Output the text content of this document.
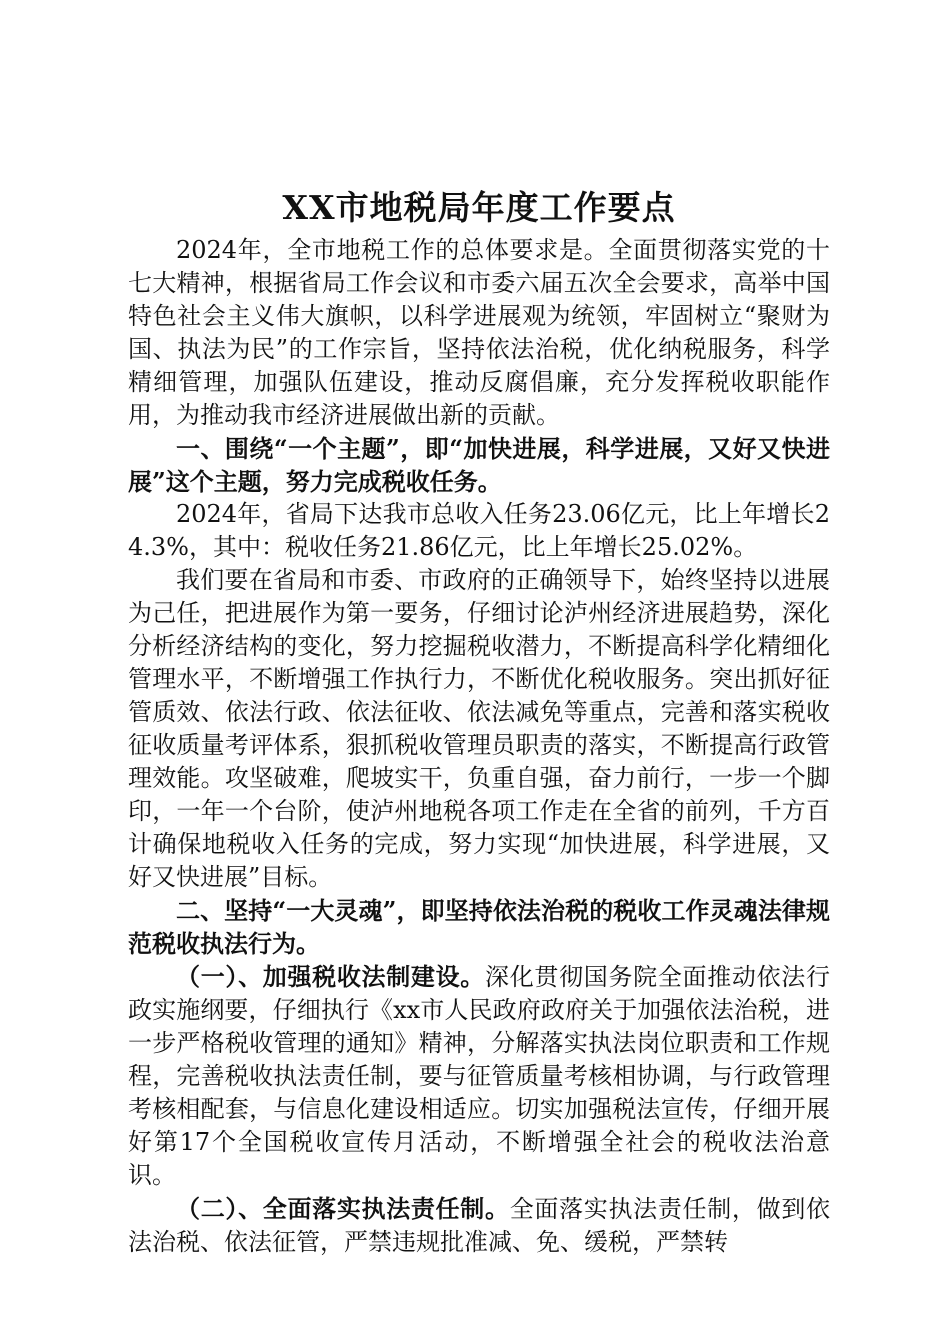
XX市地税局年度工作要点

2024年，全市地税工作的总体要求是。全面贯彻落实党的十七大精神，根据省局工作会议和市委六届五次全会要求，高举中国特色社会主义伟大旗帜，以科学进展观为统领，牢固树立“聚财为国、执法为民”的工作宗旨，坚持依法治税，优化纳税服务，科学精细管理，加强队伍建设，推动反腐倡廉，充分发挥税收职能作用，为推动我市经济进展做出新的贡献。

一、围绕“一个主题”，即“加快进展，科学进展，又好又快进展”这个主题，努力完成税收任务。

2024年，省局下达我市总收入任务23.06亿元，比上年增长24.3%，其中：税收任务21.86亿元，比上年增长25.02%。

我们要在省局和市委、市政府的正确领导下，始终坚持以进展为己任，把进展作为第一要务，仔细讨论泸州经济进展趋势，深化分析经济结构的变化，努力挖掘税收潜力，不断提高科学化精细化管理水平，不断增强工作执行力，不断优化税收服务。突出抓好征管质效、依法行政、依法征收、依法减免等重点，完善和落实税收征收质量考评体系，狠抓税收管理员职责的落实，不断提高行政管理效能。攻坚破难，爬坡实干，负重自强，奋力前行，一步一个脚印，一年一个台阶，使泸州地税各项工作走在全省的前列，千方百计确保地税收入任务的完成，努力实现“加快进展，科学进展，又好又快进展”目标。

二、坚持“一大灵魂”，即坚持依法治税的税收工作灵魂法律规范税收执法行为。

（一）、加强税收法制建设。深化贯彻国务院全面推动依法行政实施纲要，仔细执行《xx市人民政府政府关于加强依法治税，进一步严格税收管理的通知》精神，分解落实执法岗位职责和工作规程，完善税收执法责任制，要与征管质量考核相协调，与行政管理考核相配套，与信息化建设相适应。切实加强税法宣传，仔细开展好第17个全国税收宣传月活动，不断增强全社会的税收法治意识。

（二）、全面落实执法责任制。全面落实执法责任制，做到依法治税、依法征管，严禁违规批准减、免、缓税，严禁转
